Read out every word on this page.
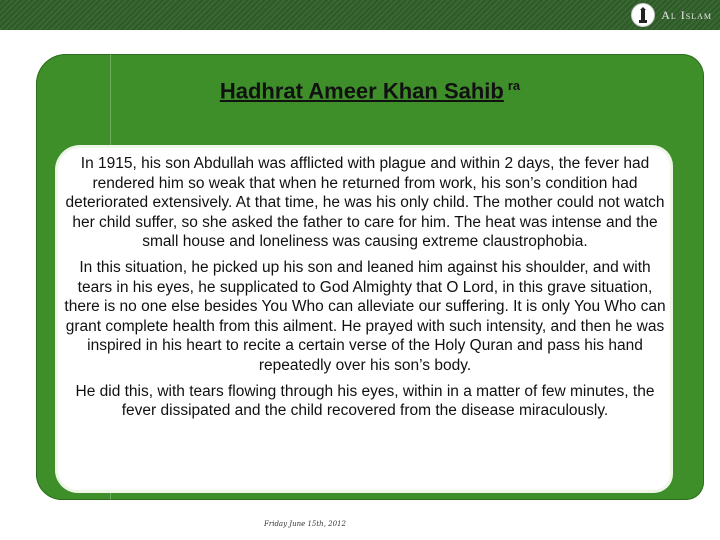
Al Islam
Hadhrat Ameer Khan Sahib $^{ra}$

In 1915, his son Abdullah was afflicted with plague and within 2 days, the fever had rendered him so weak that when he returned from work, his son’s condition had deteriorated extensively. At that time, he was his only child. The mother could not watch her child suffer, so she asked the father to care for him. The heat was intense and the small house and loneliness was causing extreme claustrophobia.

In this situation, he picked up his son and leaned him against his shoulder, and with tears in his eyes, he supplicated to God Almighty that O Lord, in this grave situation, there is no one else besides You Who can alleviate our suffering. It is only You Who can grant complete health from this ailment. He prayed with such intensity, and then he was inspired in his heart to recite a certain verse of the Holy Quran and pass his hand repeatedly over his son’s body.

He did this, with tears flowing through his eyes, within in a matter of few minutes, the fever dissipated and the child recovered from the disease miraculously.

Friday June 15th, 2012
